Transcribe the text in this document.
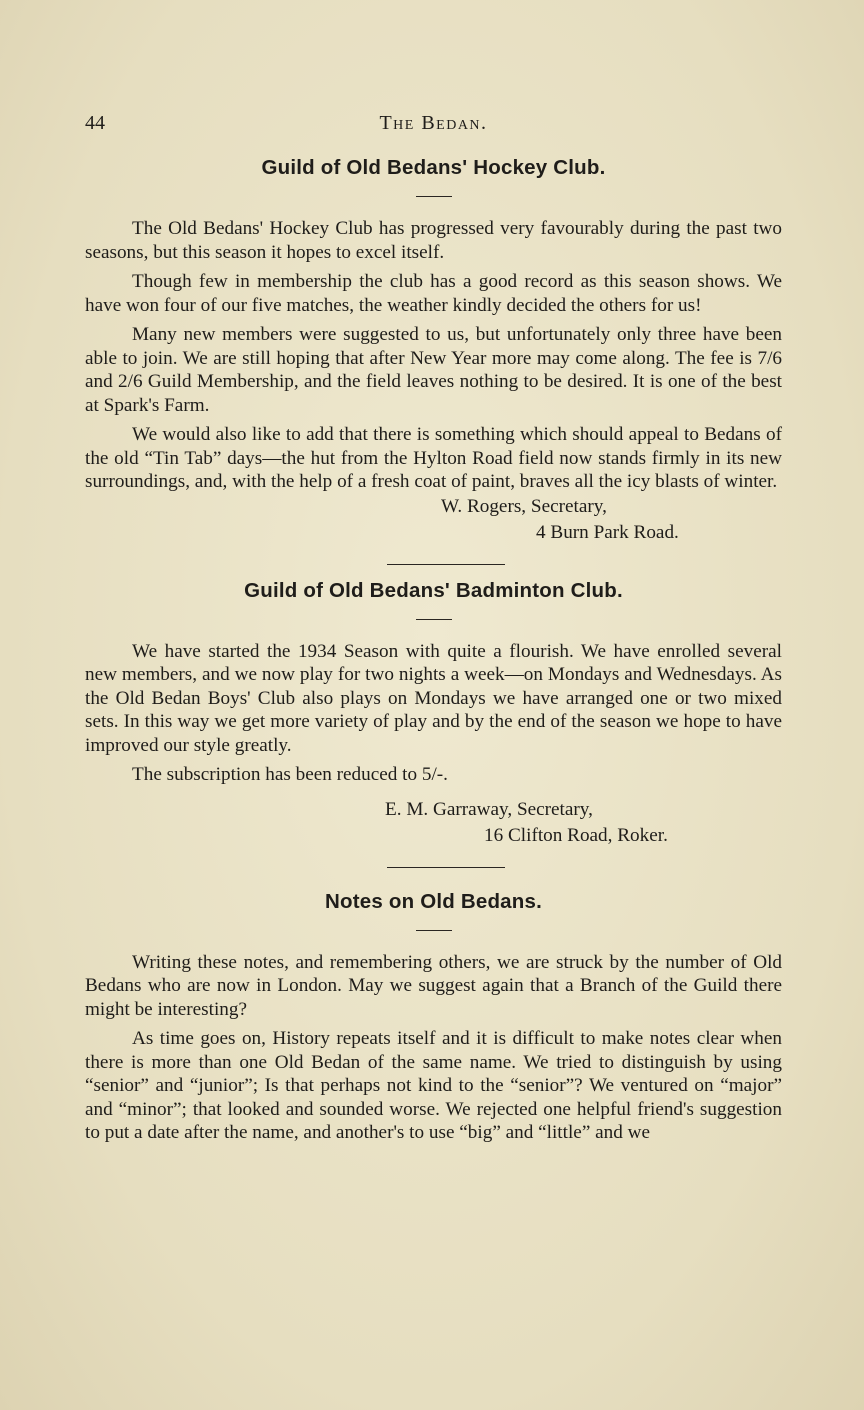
44	The Bedan.
Guild of Old Bedans' Hockey Club.

The Old Bedans' Hockey Club has progressed very favourably during the past two seasons, but this season it hopes to excel itself.

Though few in membership the club has a good record as this season shows. We have won four of our five matches, the weather kindly decided the others for us!

Many new members were suggested to us, but unfortunately only three have been able to join. We are still hoping that after New Year more may come along. The fee is 7/6 and 2/6 Guild Membership, and the field leaves nothing to be desired. It is one of the best at Spark's Farm.

We would also like to add that there is something which should appeal to Bedans of the old “Tin Tab” days—the hut from the Hylton Road field now stands firmly in its new surroundings, and, with the help of a fresh coat of paint, braves all the icy blasts of winter.

W. Rogers, Secretary,
4 Burn Park Road.
Guild of Old Bedans' Badminton Club.

We have started the 1934 Season with quite a flourish. We have enrolled several new members, and we now play for two nights a week—on Mondays and Wednesdays. As the Old Bedan Boys' Club also plays on Mondays we have arranged one or two mixed sets. In this way we get more variety of play and by the end of the season we hope to have improved our style greatly.

The subscription has been reduced to 5/-.

E. M. Garraway, Secretary,
16 Clifton Road, Roker.
Notes on Old Bedans.

Writing these notes, and remembering others, we are struck by the number of Old Bedans who are now in London. May we suggest again that a Branch of the Guild there might be interesting?

As time goes on, History repeats itself and it is difficult to make notes clear when there is more than one Old Bedan of the same name. We tried to distinguish by using “senior” and “junior”; Is that perhaps not kind to the “senior”? We ventured on “major” and “minor”; that looked and sounded worse. We rejected one helpful friend's suggestion to put a date after the name, and another's to use “big” and “little” and we
